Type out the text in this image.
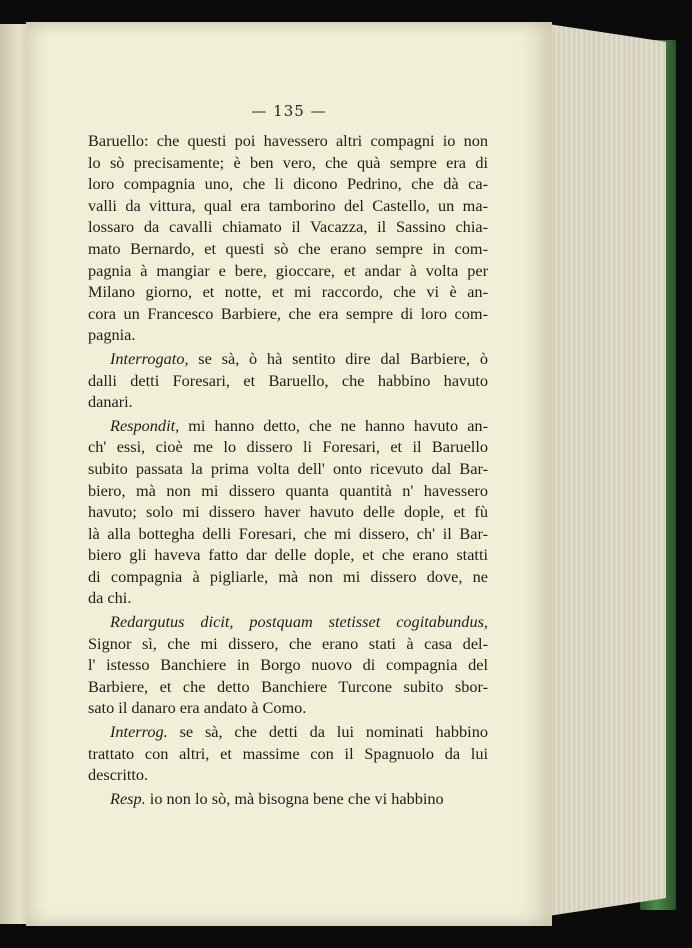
— 135 —
Baruello: che questi poi havessero altri compagni io non
lo sò precisamente; è ben vero, che quà sempre era di
loro compagnia uno, che li dicono Pedrino, che dà ca-
valli da vittura, qual era tamborino del Castello, un ma-
lossaro da cavalli chiamato il Vacazza, il Sassino chia-
mato Bernardo, et questi sò che erano sempre in com-
pagnia à mangiar e bere, gioccare, et andar à volta per
Milano giorno, et notte, et mi raccordo, che vi è an-
cora un Francesco Barbiere, che era sempre di loro com-
pagnia.
Interrogato, se sà, ò hà sentito dire dal Barbiere, ò
dalli detti Foresari, et Baruello, che habbino havuto
danari.
Respondit, mi hanno detto, che ne hanno havuto an-
ch' essi, cioè me lo dissero li Foresari, et il Baruello
subito passata la prima volta dell' onto ricevuto dal Bar-
biero, mà non mi dissero quanta quantità n' havessero
havuto; solo mi dissero haver havuto delle dople, et fù
là alla bottegha delli Foresari, che mi dissero, ch' il Bar-
biero gli haveva fatto dar delle dople, et che erano statti
di compagnia à pigliarle, mà non mi dissero dove, ne
da chi.
Redargutus dicit, postquam stetisset cogitabundus,
Signor sì, che mi dissero, che erano stati à casa del-
l' istesso Banchiere in Borgo nuovo di compagnia del
Barbiere, et che detto Banchiere Turcone subito sbor-
sato il danaro era andato à Como.
Interrog. se sà, che detti da lui nominati habbino
trattato con altri, et massime con il Spagnuolo da lui
descritto.
Resp. io non lo sò, mà bisogna bene che vi habbino
